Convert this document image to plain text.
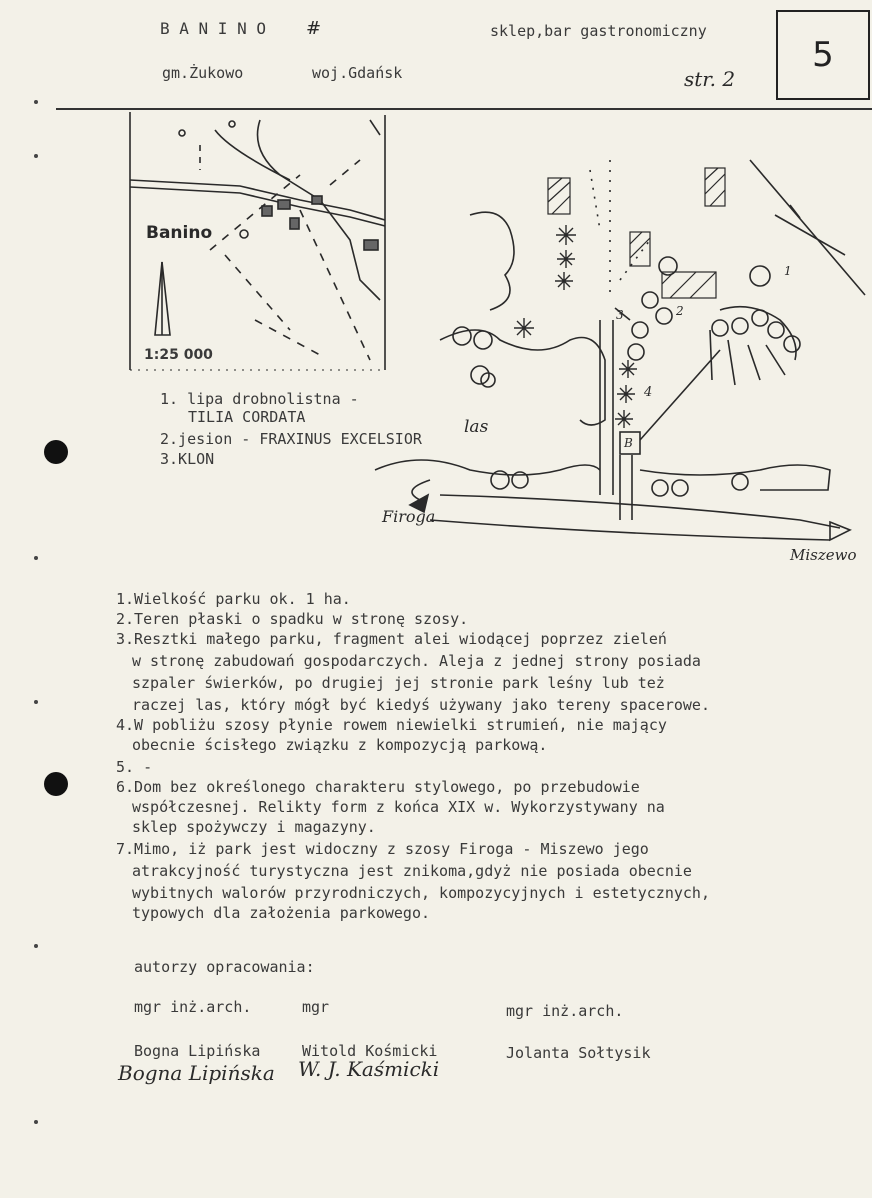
B A N I N O #
gm.Żukowo	woj.Gdańsk
sklep,bar gastronomiczny
str. 2
5
Banino
1:25 000
las
Firoga
Miszewo
1
2
3
4
B
1. lipa drobnolistna -
TILIA CORDATA
2.jesion - FRAXINUS EXCELSIOR
3.KLON
1.Wielkość parku ok. 1 ha.
2.Teren płaski o spadku w stronę szosy.
3.Resztki małego parku, fragment alei wiodącej poprzez zieleń
w stronę zabudowań gospodarczych. Aleja z jednej strony posiada
szpaler świerków, po drugiej jej stronie park leśny lub też
raczej las, który mógł być kiedyś używany jako tereny spacerowe.
4.W pobliżu szosy płynie rowem niewielki strumień, nie mający
obecnie ścisłego związku z kompozycją parkową.
5. -
6.Dom bez określonego charakteru stylowego, po przebudowie
współczesnej. Relikty form z końca XIX w. Wykorzystywany na
sklep spożywczy i magazyny.
7.Mimo, iż park jest widoczny z szosy Firoga - Miszewo jego
atrakcyjność turystyczna jest znikoma,gdyż nie posiada obecnie
wybitnych walorów przyrodniczych, kompozycyjnych i estetycznych,
typowych dla założenia parkowego.
autorzy opracowania:
mgr inż.arch.	mgr	mgr inż.arch.
Bogna Lipińska	Witold Kośmicki	Jolanta Sołtysik
Bogna Lipińska W. J. Kaśmicki
